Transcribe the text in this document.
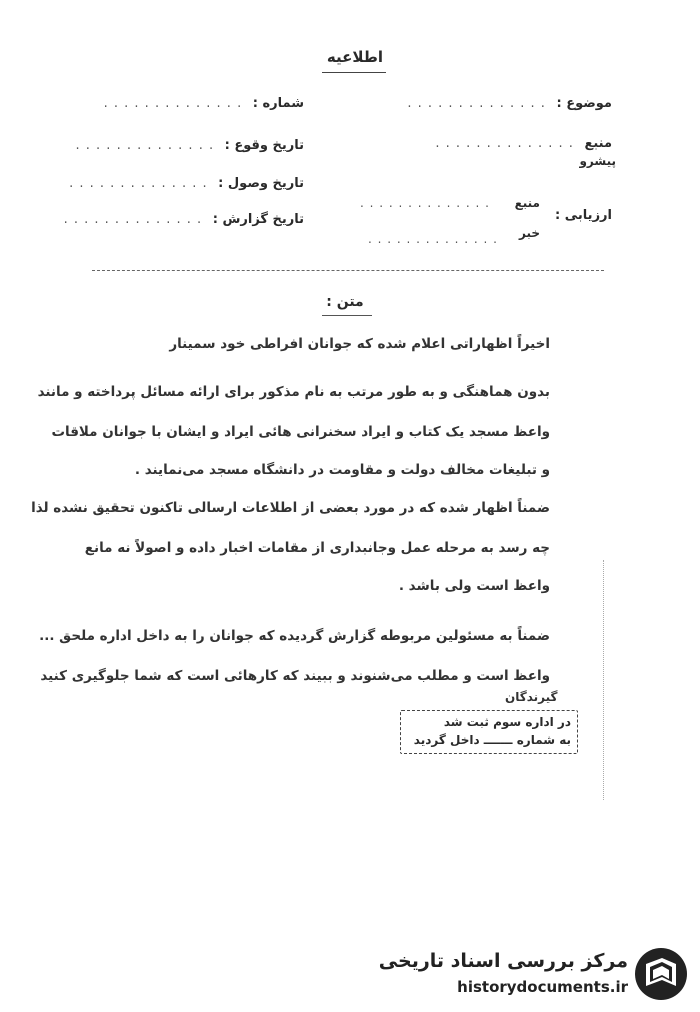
اطلاعیه
موضوع : . . . . . . . . . . . . . .
منبع . . . . . . . . . . . . . .
پیشرو
ارزیابی :
منبع
. . . . . . . . . . . . . .
خبر
. . . . . . . . . . . . . .
شماره : . . . . . . . . . . . . . .
تاریخ وقوع : . . . . . . . . . . . . . .
تاریخ وصول : . . . . . . . . . . . . . .
تاریخ گزارش : . . . . . . . . . . . . . .
متن :
اخیراً اظهاراتی اعلام شده که جوانان افراطی خود سمینار
بدون هماهنگی و به طور مرتب به نام مذکور برای ارائه مسائل پرداخته و مانند
واعظ مسجد یک کتاب و ایراد سخنرانی هائی ایراد و ایشان با جوانان ملاقات
و تبلیغات مخالف دولت و مقاومت در دانشگاه مسجد می‌نمایند .
ضمناً اظهار شده که در مورد بعضی از اطلاعات ارسالی تاکنون تحقیق نشده لذا
چه رسد به مرحله عمل وجانبداری از مقامات اخبار داده و اصولاً نه مانع
واعظ است ولی باشد .
ضمناً به مسئولین مربوطه گزارش گردیده که جوانان را به داخل اداره ملحق ...
واعظ است و مطلب می‌شنوند و ببیند که کارهائی است که شما جلوگیری کنید
گیرندگان
در اداره سوم ثبت شد
به شماره ـــــــ داخل گردید
مرکز بررسی اسناد تاریخی
historydocuments.ir
